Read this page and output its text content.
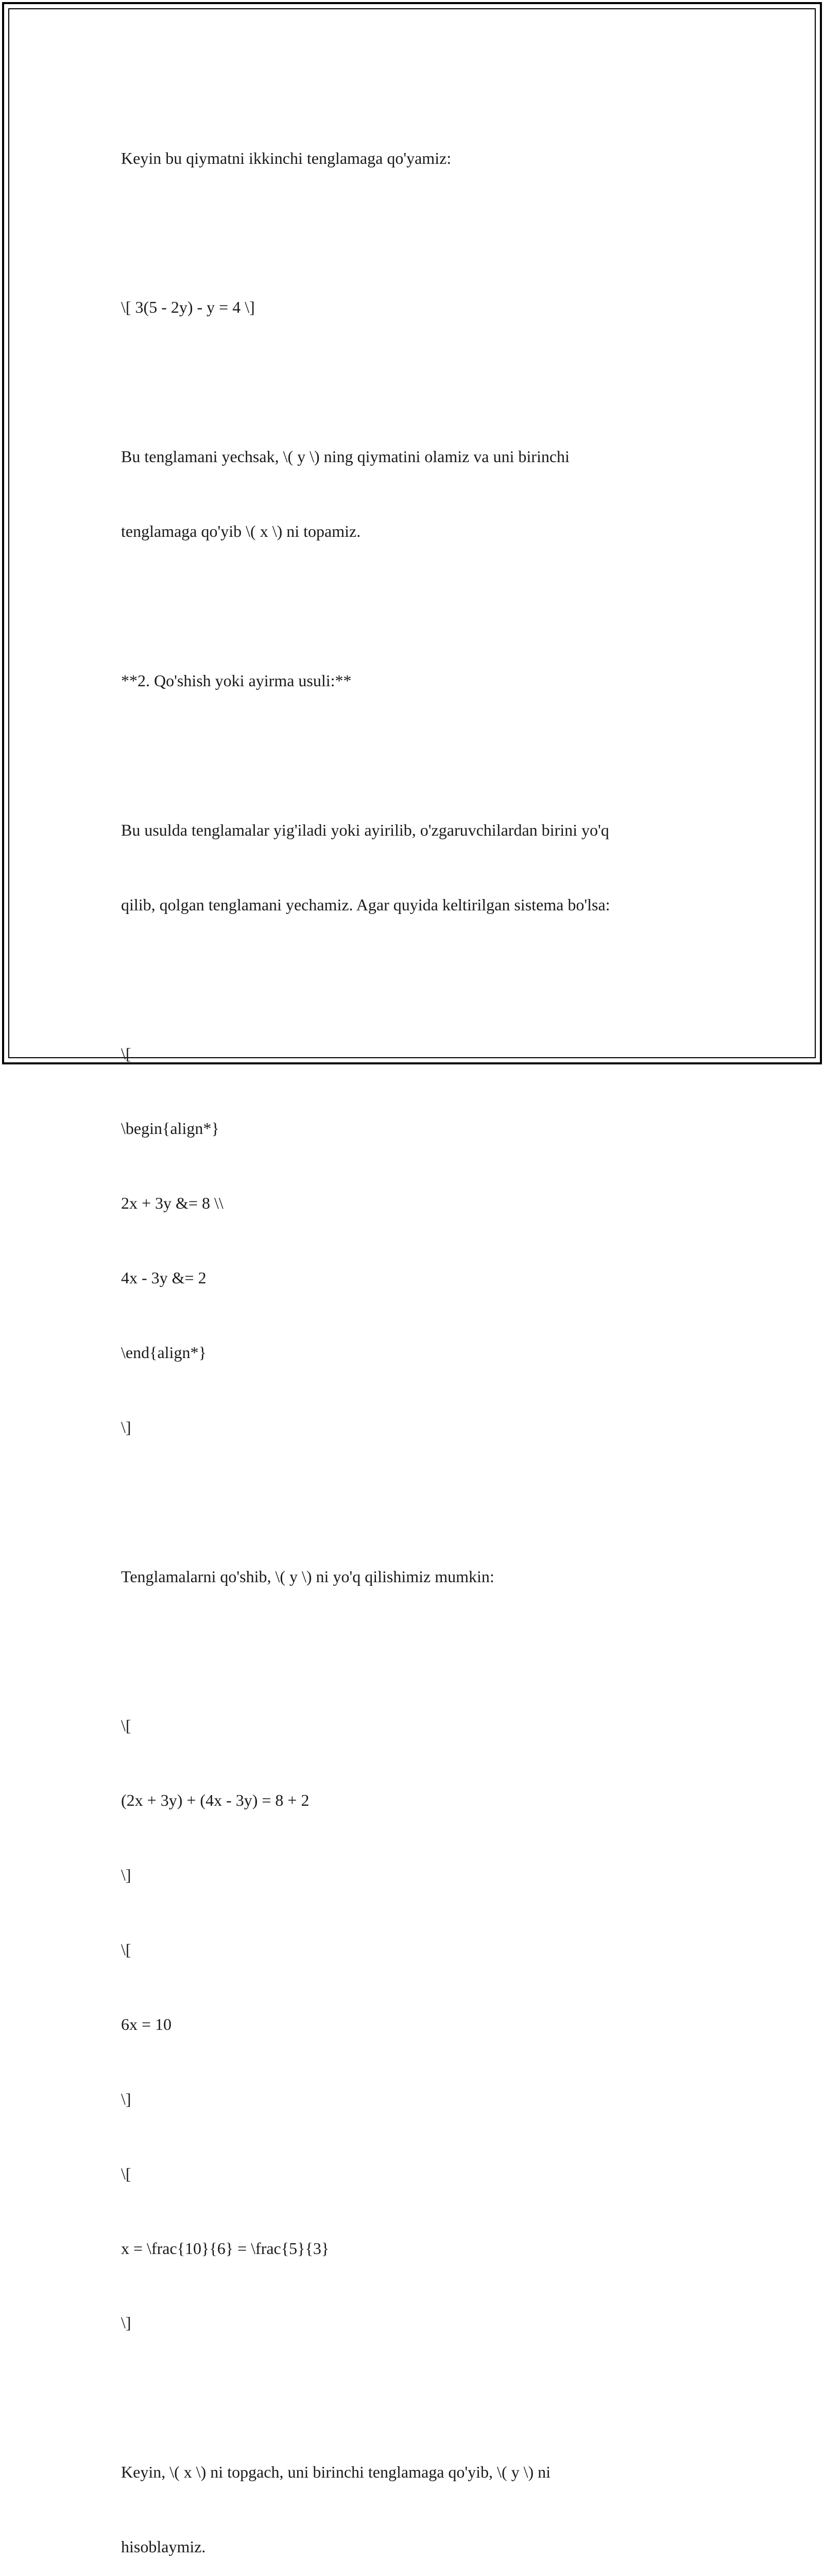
Keyin bu qiymatni ikkinchi tenglamaga qo'yamiz:

\[ 3(5 - 2y) - y = 4 \]

Bu tenglamani yechsak, \( y \) ning qiymatini olamiz va uni birinchi

tenglamaga qo'yib \( x \) ni topamiz.

**2. Qo'shish yoki ayirma usuli:**

Bu usulda tenglamalar yig'iladi yoki ayirilib, o'zgaruvchilardan birini yo'q

qilib, qolgan tenglamani yechamiz. Agar quyida keltirilgan sistema bo'lsa:

\[

\begin{align*}

2x + 3y &= 8 \\

4x - 3y &= 2

\end{align*}

\]

Tenglamalarni qo'shib, \( y \) ni yo'q qilishimiz mumkin:

\[

(2x + 3y) + (4x - 3y) = 8 + 2

\]

\[

6x = 10

\]

\[

x = \frac{10}{6} = \frac{5}{3}

\]

Keyin, \( x \) ni topgach, uni birinchi tenglamaga qo'yib, \( y \) ni

hisoblaymiz.
